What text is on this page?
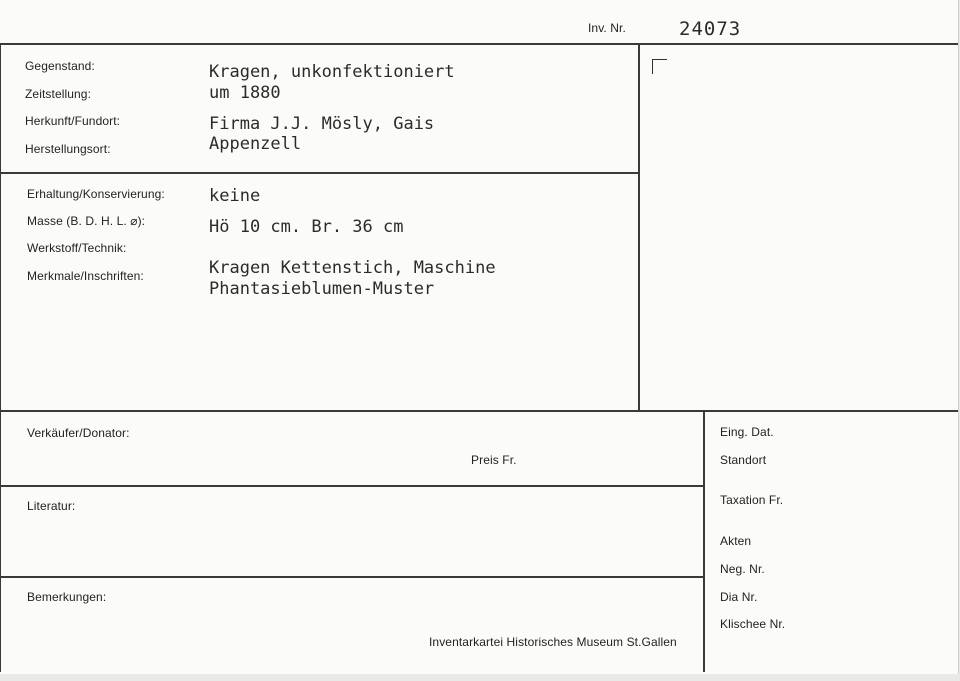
Inv. Nr.	24073
Gegenstand:	Kragen, unkonfektioniert
Zeitstellung:	um 1880
Herkunft/Fundort:	Firma J.J. Mösly, Gais
Herstellungsort:	Appenzell
Erhaltung/Konservierung:	keine
Masse (B. D. H. L. ⌀):	Hö 10 cm. Br. 36 cm
Werkstoff/Technik:
Merkmale/Inschriften:	Kragen Kettenstich, Maschine
Phantasieblumen-Muster
Verkäufer/Donator:
Preis Fr.
Literatur:
Bemerkungen:
Inventarkartei Historisches Museum St.Gallen
Eing. Dat.
Standort
Taxation Fr.
Akten
Neg. Nr.
Dia Nr.
Klischee Nr.
